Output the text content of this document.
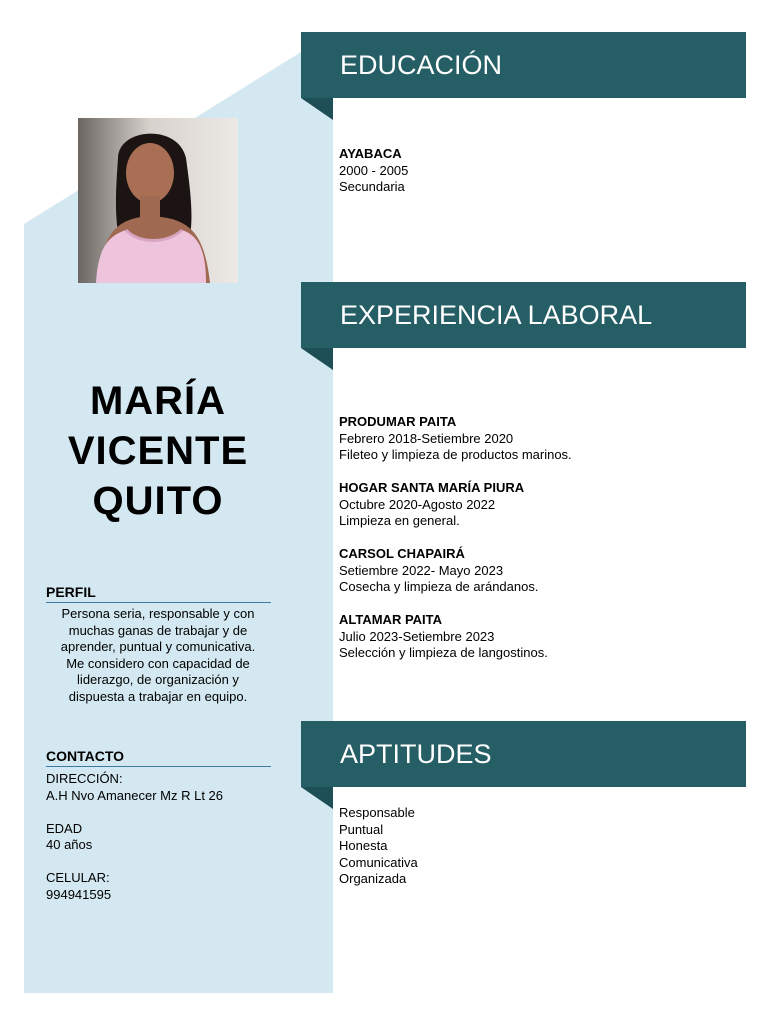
MARÍA
VICENTE
QUITO
PERFIL
Persona seria, responsable y con
muchas ganas de trabajar y de
aprender, puntual y comunicativa.
Me considero con capacidad de
liderazgo, de organización y
dispuesta a trabajar en equipo.
CONTACTO
DIRECCIÓN:
A.H Nvo Amanecer Mz R Lt 26
EDAD
40 años
CELULAR:
994941595
EDUCACIÓN
AYABACA
2000 - 2005
Secundaria
EXPERIENCIA LABORAL
PRODUMAR PAITA
Febrero 2018-Setiembre 2020
Fileteo y limpieza de productos marinos.
HOGAR SANTA MARÍA PIURA
Octubre 2020-Agosto 2022
Limpieza en general.
CARSOL CHAPAIRÁ
Setiembre 2022- Mayo 2023
Cosecha y limpieza de arándanos.
ALTAMAR PAITA
Julio 2023-Setiembre 2023
Selección y limpieza de langostinos.
APTITUDES
Responsable
Puntual
Honesta
Comunicativa
Organizada
